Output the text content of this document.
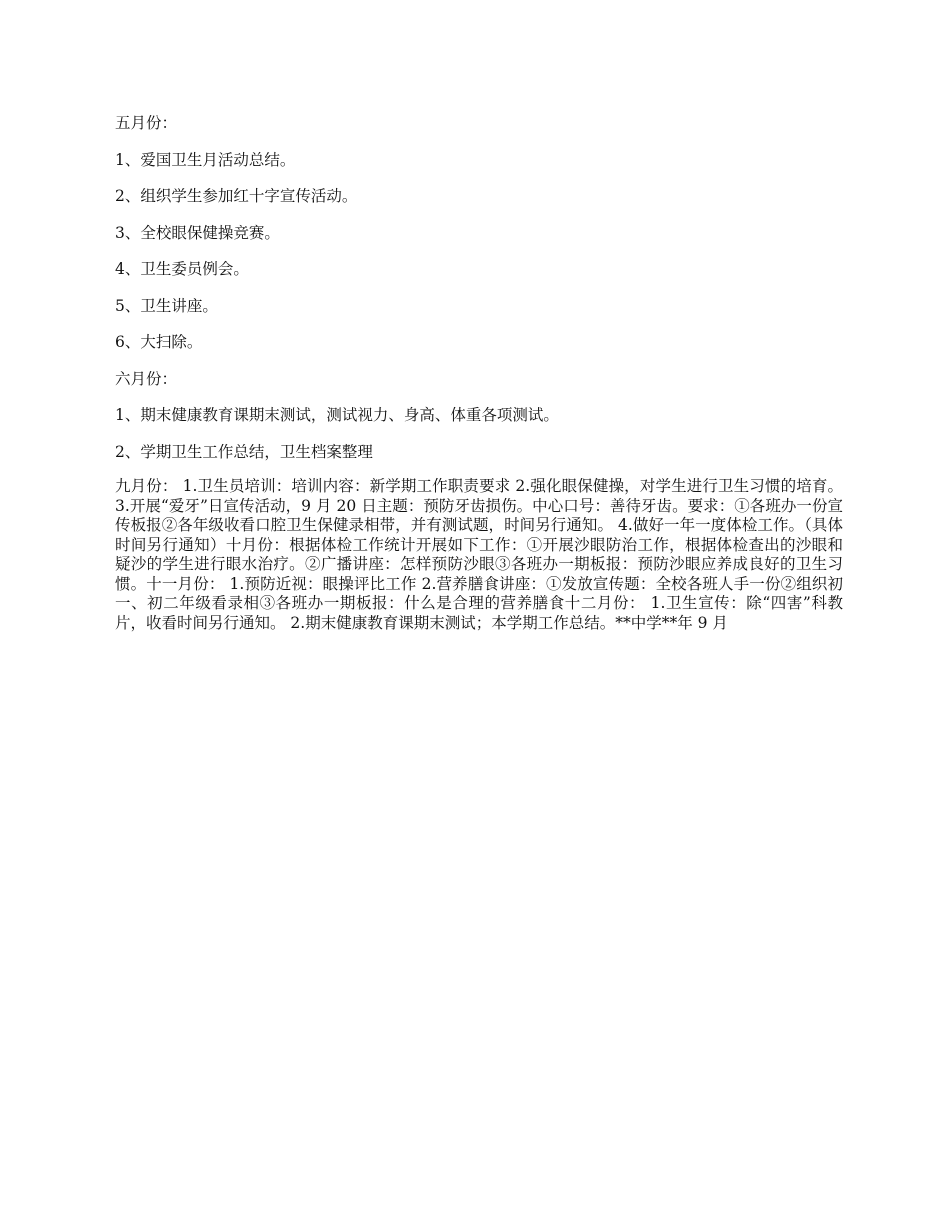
五月份：

1、爱国卫生月活动总结。

2、组织学生参加红十字宣传活动。

3、全校眼保健操竞赛。

4、卫生委员例会。

5、卫生讲座。

6、大扫除。

六月份：

1、期末健康教育课期末测试，测试视力、身高、体重各项测试。

2、学期卫生工作总结，卫生档案整理

九月份： 1.卫生员培训：培训内容：新学期工作职责要求 2.强化眼保健操，对学生进行卫生习惯的培育。 3.开展“爱牙”日宣传活动，9 月 20 日主题：预防牙齿损伤。中心口号：善待牙齿。要求：①各班办一份宣传板报②各年级收看口腔卫生保健录相带，并有测试题，时间另行通知。 4.做好一年一度体检工作。（具体时间另行通知）十月份：根据体检工作统计开展如下工作：①开展沙眼防治工作，根据体检查出的沙眼和疑沙的学生进行眼水治疗。②广播讲座：怎样预防沙眼③各班办一期板报：预防沙眼应养成良好的卫生习惯。十一月份： 1.预防近视：眼操评比工作 2.营养膳食讲座：①发放宣传题：全校各班人手一份②组织初一、初二年级看录相③各班办一期板报：什么是合理的营养膳食十二月份： 1.卫生宣传：除“四害”科教片，收看时间另行通知。 2.期末健康教育课期末测试；本学期工作总结。**中学**年 9 月
